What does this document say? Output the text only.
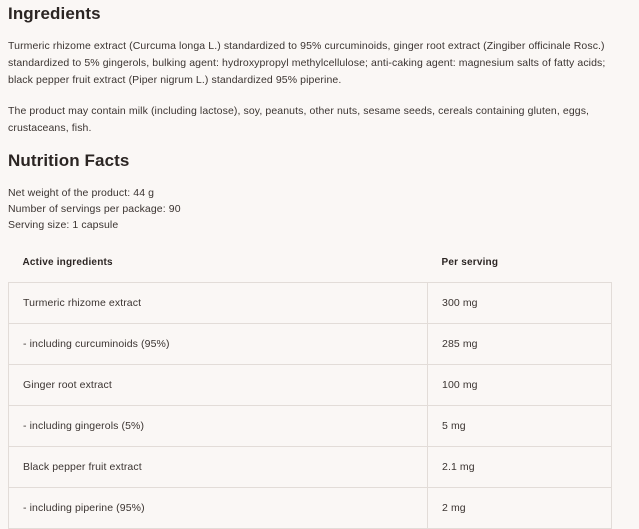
Ingredients

Turmeric rhizome extract (Curcuma longa L.) standardized to 95% curcuminoids, ginger root extract (Zingiber officinale Rosc.) standardized to 5% gingerols, bulking agent: hydroxypropyl methylcellulose; anti-caking agent: magnesium salts of fatty acids; black pepper fruit extract (Piper nigrum L.) standardized 95% piperine.

The product may contain milk (including lactose), soy, peanuts, other nuts, sesame seeds, cereals containing gluten, eggs, crustaceans, fish.

Nutrition Facts

Net weight of the product: 44 g

Number of servings per package: 90

Serving size: 1 capsule

Active ingredients	Per serving
Turmeric rhizome extract	300 mg
- including curcuminoids (95%)	285 mg
Ginger root extract	100 mg
- including gingerols (5%)	5 mg
Black pepper fruit extract	2.1 mg
- including piperine (95%)	2 mg
